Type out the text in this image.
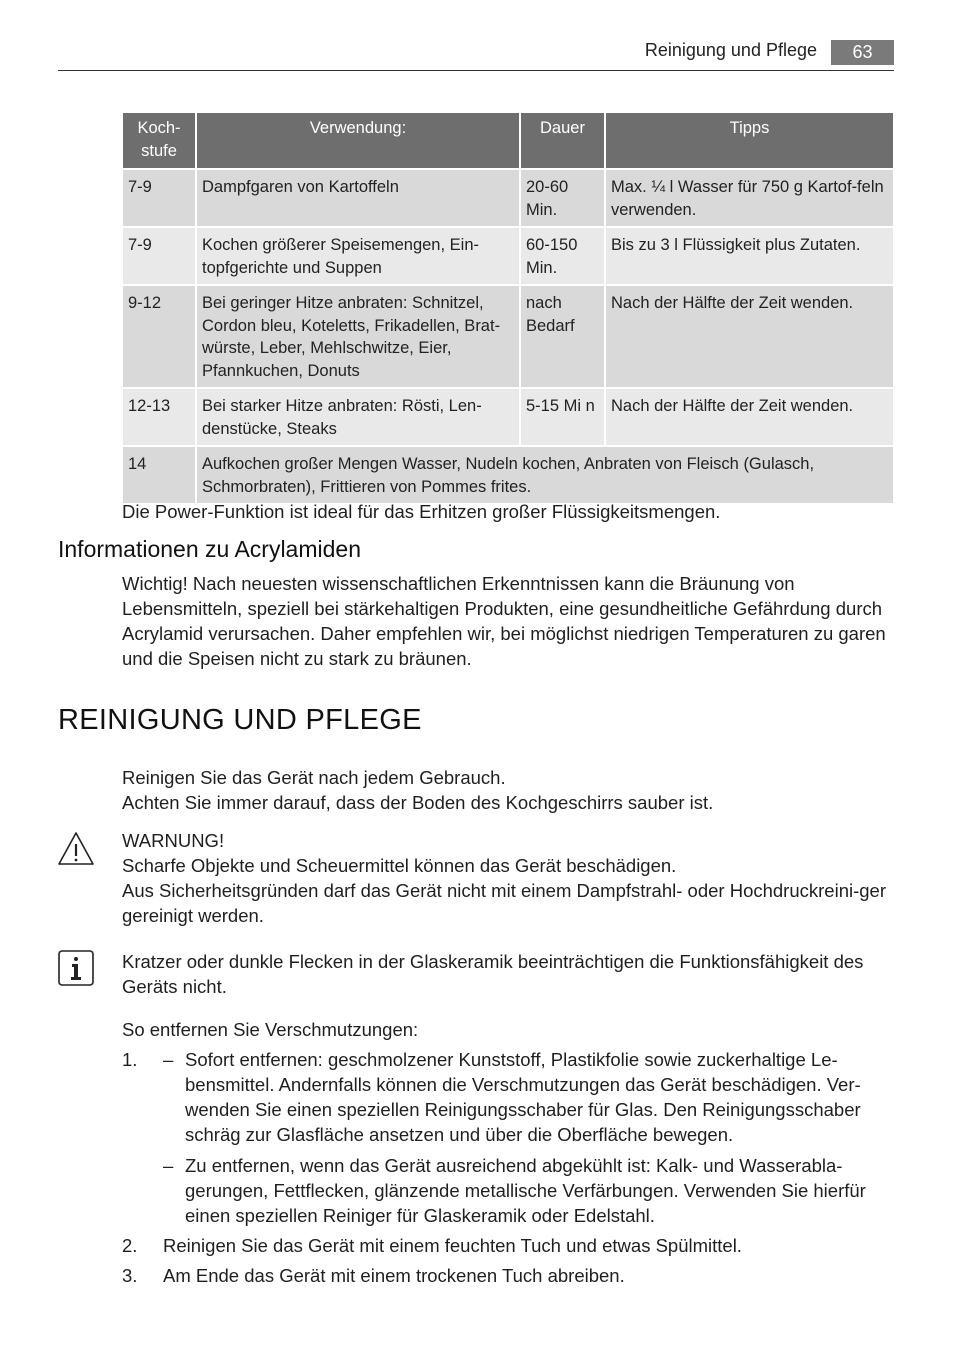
Reinigung und Pflege	63
Koch-
stufe	Verwendung:	Dauer	Tipps
7-9	Dampfgaren von Kartoffeln	20-60 Min.	Max. ¼ l Wasser für 750 g Kartof-feln verwenden.
7-9	Kochen größerer Speisemengen, Ein-topfgerichte und Suppen	60-150 Min.	Bis zu 3 l Flüssigkeit plus Zutaten.
9-12	Bei geringer Hitze anbraten: Schnitzel, Cordon bleu, Koteletts, Frikadellen, Brat-würste, Leber, Mehlschwitze, Eier, Pfannkuchen, Donuts	nach Bedarf	Nach der Hälfte der Zeit wenden.
12-13	Bei starker Hitze anbraten: Rösti, Len-denstücke, Steaks	5-15 Mi n	Nach der Hälfte der Zeit wenden.
14	Aufkochen großer Mengen Wasser, Nudeln kochen, Anbraten von Fleisch (Gulasch, Schmorbraten), Frittieren von Pommes frites.		
Die Power-Funktion ist ideal für das Erhitzen großer Flüssigkeitsmengen.
Informationen zu Acrylamiden
Wichtig! Nach neuesten wissenschaftlichen Erkenntnissen kann die Bräunung von Lebensmitteln, speziell bei stärkehaltigen Produkten, eine gesundheitliche Gefährdung durch Acrylamid verursachen. Daher empfehlen wir, bei möglichst niedrigen Temperaturen zu garen und die Speisen nicht zu stark zu bräunen.
REINIGUNG UND PFLEGE
Reinigen Sie das Gerät nach jedem Gebrauch.
Achten Sie immer darauf, dass der Boden des Kochgeschirrs sauber ist.
WARNUNG!
Scharfe Objekte und Scheuermittel können das Gerät beschädigen.
Aus Sicherheitsgründen darf das Gerät nicht mit einem Dampfstrahl- oder Hochdruckreini-ger gereinigt werden.
Kratzer oder dunkle Flecken in der Glaskeramik beeinträchtigen die Funktionsfähigkeit des Geräts nicht.
So entfernen Sie Verschmutzungen:
1. – Sofort entfernen: geschmolzener Kunststoff, Plastikfolie sowie zuckerhaltige Le-bensmittel. Andernfalls können die Verschmutzungen das Gerät beschädigen. Ver-wenden Sie einen speziellen Reinigungsschaber für Glas. Den Reinigungsschaber schräg zur Glasfläche ansetzen und über die Oberfläche bewegen.
– Zu entfernen, wenn das Gerät ausreichend abgekühlt ist: Kalk- und Wasserabla-gerungen, Fettflecken, glänzende metallische Verfärbungen. Verwenden Sie hierfür einen speziellen Reiniger für Glaskeramik oder Edelstahl.
2. Reinigen Sie das Gerät mit einem feuchten Tuch und etwas Spülmittel.
3. Am Ende das Gerät mit einem trockenen Tuch abreiben.
